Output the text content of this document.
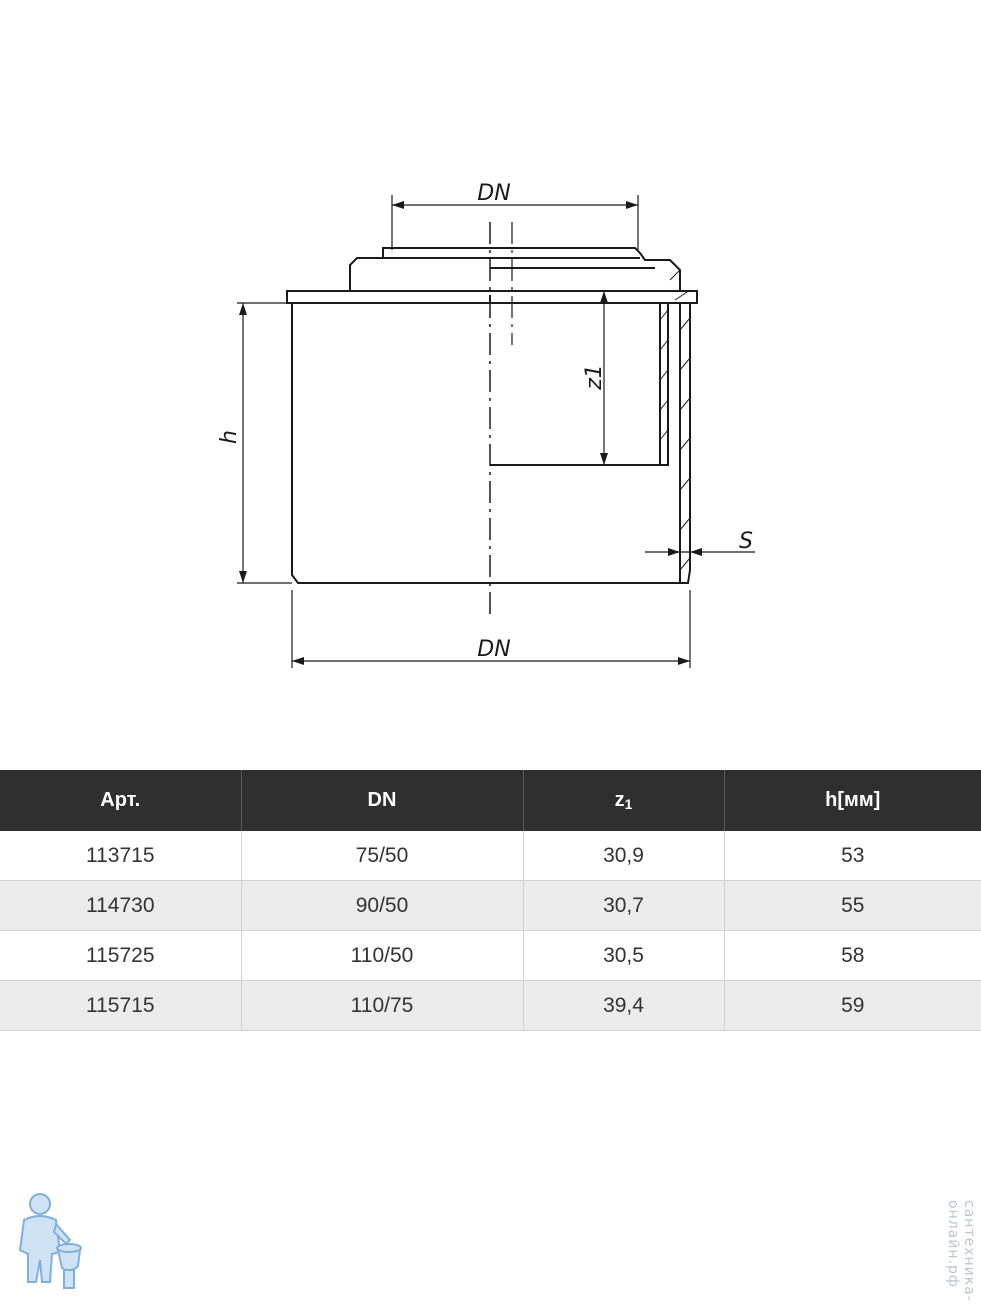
DN
DN
h
z1
S
Арт.	DN	$z_1$	h[мм]
113715	75/50	30,9	53
114730	90/50	30,7	55
115725	110/50	30,5	58
115715	110/75	39,4	59
сантехника-онлайн.рф
